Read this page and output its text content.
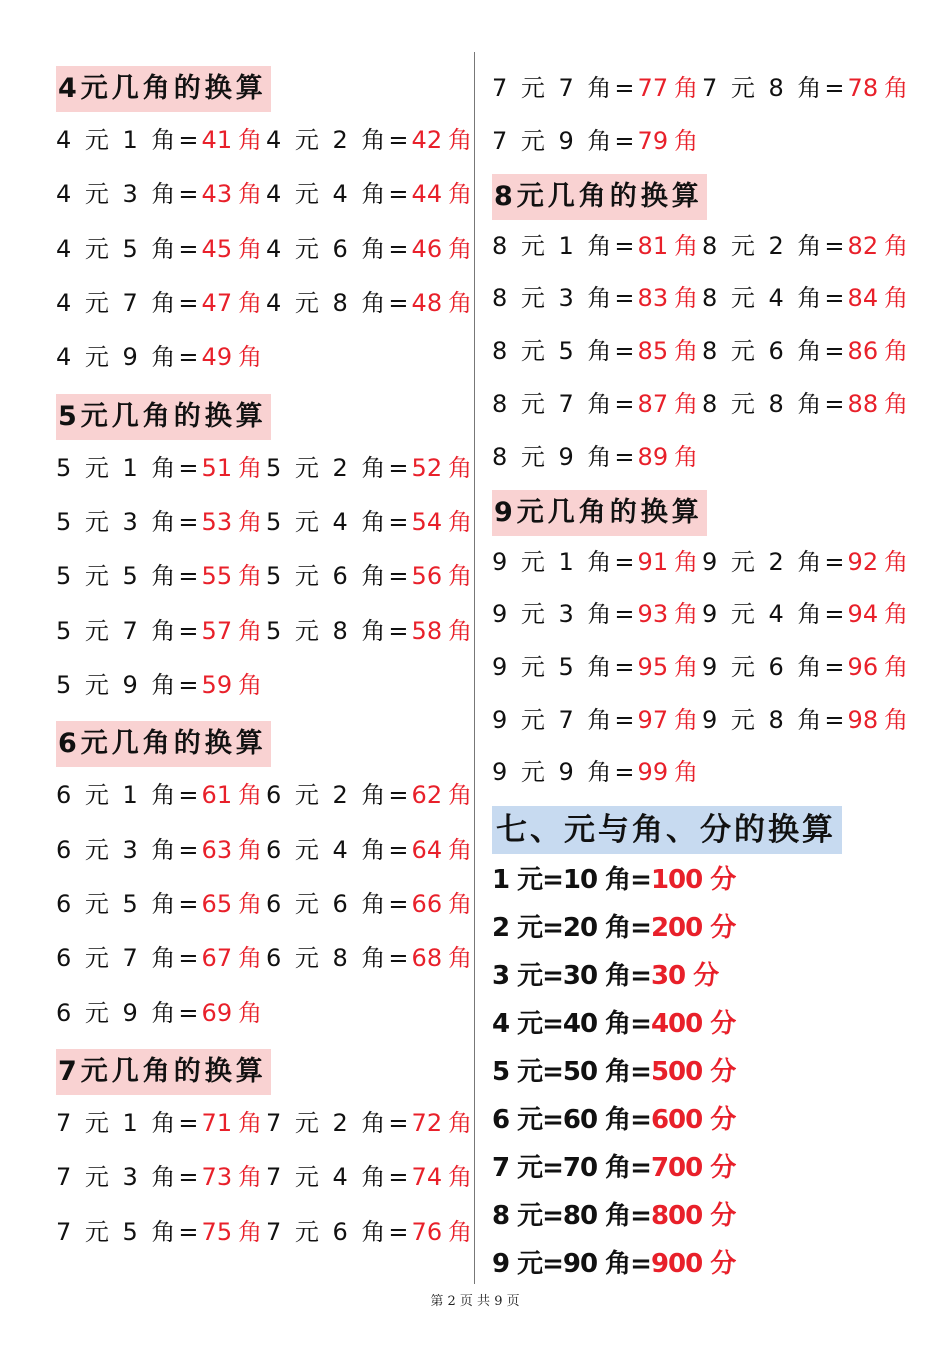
4元几角的换算
4 元 1 角=41 角 4 元 2 角=42 角
4 元 3 角=43 角 4 元 4 角=44 角
4 元 5 角=45 角 4 元 6 角=46 角
4 元 7 角=47 角 4 元 8 角=48 角
4 元 9 角=49 角
5元几角的换算
5 元 1 角=51 角 5 元 2 角=52 角
5 元 3 角=53 角 5 元 4 角=54 角
5 元 5 角=55 角 5 元 6 角=56 角
5 元 7 角=57 角 5 元 8 角=58 角
5 元 9 角=59 角
6元几角的换算
6 元 1 角=61 角 6 元 2 角=62 角
6 元 3 角=63 角 6 元 4 角=64 角
6 元 5 角=65 角 6 元 6 角=66 角
6 元 7 角=67 角 6 元 8 角=68 角
6 元 9 角=69 角
7元几角的换算
7 元 1 角=71 角 7 元 2 角=72 角
7 元 3 角=73 角 7 元 4 角=74 角
7 元 5 角=75 角 7 元 6 角=76 角
7 元 7 角=77 角 7 元 8 角=78 角
7 元 9 角=79 角
8元几角的换算
8 元 1 角=81 角 8 元 2 角=82 角
8 元 3 角=83 角 8 元 4 角=84 角
8 元 5 角=85 角 8 元 6 角=86 角
8 元 7 角=87 角 8 元 8 角=88 角
8 元 9 角=89 角
9元几角的换算
9 元 1 角=91 角 9 元 2 角=92 角
9 元 3 角=93 角 9 元 4 角=94 角
9 元 5 角=95 角 9 元 6 角=96 角
9 元 7 角=97 角 9 元 8 角=98 角
9 元 9 角=99 角
七、元与角、分的换算
1 元=10 角=100 分
2 元=20 角=200 分
3 元=30 角=30 分
4 元=40 角=400 分
5 元=50 角=500 分
6 元=60 角=600 分
7 元=70 角=700 分
8 元=80 角=800 分
9 元=90 角=900 分
第 2 页 共 9 页
